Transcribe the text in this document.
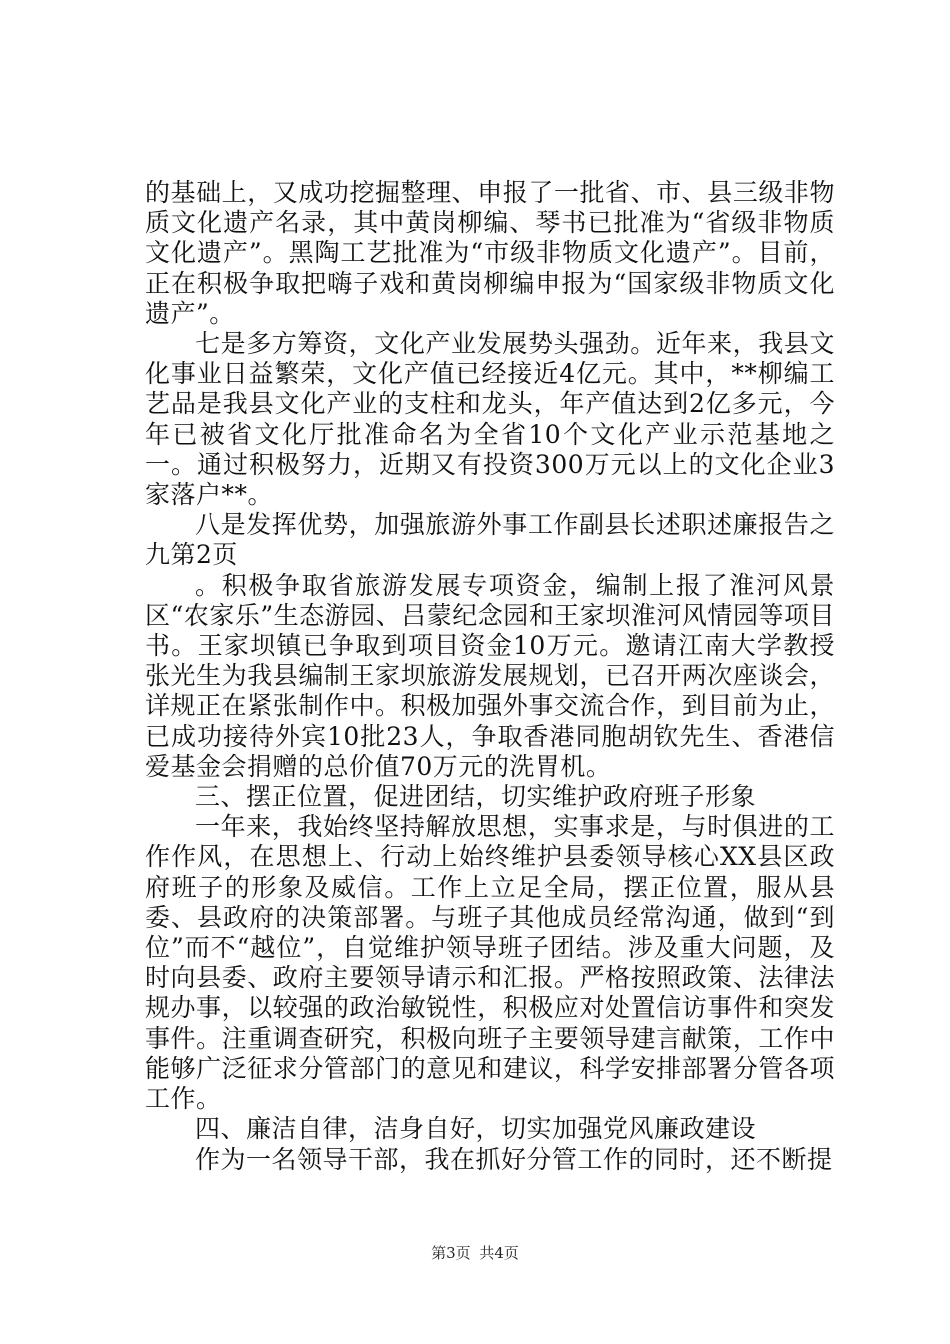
的基础上，又成功挖掘整理、申报了一批省、市、县三级非物质文化遗产名录，其中黄岗柳编、琴书已批准为“省级非物质文化遗产”。黑陶工艺批准为“市级非物质文化遗产”。目前，正在积极争取把嗨子戏和黄岗柳编申报为“国家级非物质文化遗产”。

七是多方筹资，文化产业发展势头强劲。近年来，我县文化事业日益繁荣，文化产值已经接近4亿元。其中，**柳编工艺品是我县文化产业的支柱和龙头，年产值达到2亿多元，今年已被省文化厅批准命名为全省10个文化产业示范基地之一。通过积极努力，近期又有投资300万元以上的文化企业3家落户**。

八是发挥优势，加强旅游外事工作副县长述职述廉报告之九第2页

。积极争取省旅游发展专项资金，编制上报了淮河风景区“农家乐”生态游园、吕蒙纪念园和王家坝淮河风情园等项目书。王家坝镇已争取到项目资金10万元。邀请江南大学教授张光生为我县编制王家坝旅游发展规划，已召开两次座谈会，详规正在紧张制作中。积极加强外事交流合作，到目前为止，已成功接待外宾10批23人，争取香港同胞胡钦先生、香港信爱基金会捐赠的总价值70万元的洗胃机。

三、摆正位置，促进团结，切实维护政府班子形象

一年来，我始终坚持解放思想，实事求是，与时俱进的工作作风，在思想上、行动上始终维护县委领导核心XX县区政府班子的形象及威信。工作上立足全局，摆正位置，服从县委、县政府的决策部署。与班子其他成员经常沟通，做到“到位”而不“越位”，自觉维护领导班子团结。涉及重大问题，及时向县委、政府主要领导请示和汇报。严格按照政策、法律法规办事，以较强的政治敏锐性，积极应对处置信访事件和突发事件。注重调查研究，积极向班子主要领导建言献策，工作中能够广泛征求分管部门的意见和建议，科学安排部署分管各项工作。

四、廉洁自律，洁身自好，切实加强党风廉政建设

作为一名领导干部，我在抓好分管工作的同时，还不断提

第3页 共4页
